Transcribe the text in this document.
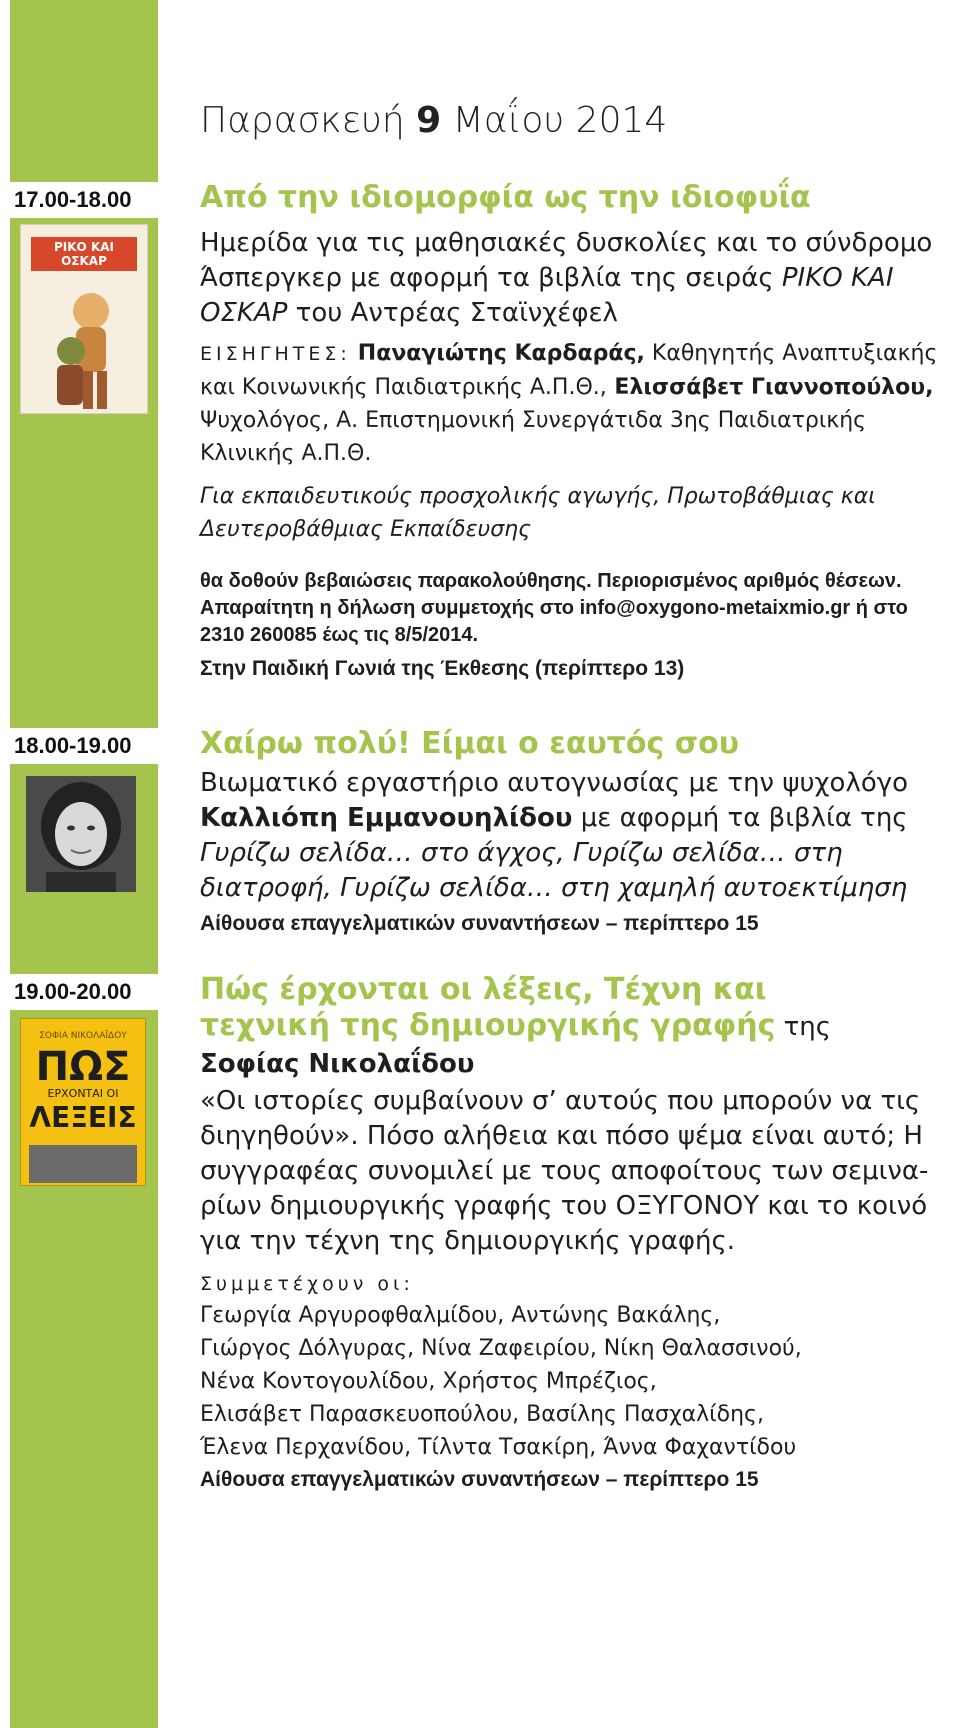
17.00-18.00
18.00-19.00
19.00-20.00
ΡΙΚΟ ΚΑΙ ΟΣΚΑΡ
ΣΟΦΙΑ ΝΙΚΟΛΑΪΔΟΥ
ΠΩΣ
ΕΡΧΟΝΤΑΙ ΟΙ
ΛΕΞΕΙΣ
Παρασκευή 9 Μαΐου 2014
Από την ιδιομορφία ως την ιδιοφυΐα
Ημερίδα για τις μαθησιακές δυσκολίες και το σύνδρομο Άσπεργκερ με αφορμή τα βιβλία της σειράς ΡΙΚΟ ΚΑΙ ΟΣΚΑΡ του Αντρέας Σταϊνχέφελ
ΕΙΣΗΓΗΤΕΣ: Παναγιώτης Καρδαράς, Καθηγητής Αναπτυξιακής και Κοινωνικής Παιδιατρικής Α.Π.Θ., Ελισσάβετ Γιαννοπούλου, Ψυχολόγος, Α. Επιστημονική Συνεργάτιδα 3ης Παιδιατρικής Κλινικής Α.Π.Θ.
Για εκπαιδευτικούς προσχολικής αγωγής, Πρωτοβάθμιας και Δευτεροβάθμιας Εκπαίδευσης
θα δοθούν βεβαιώσεις παρακολούθησης. Περιορισμένος αριθμός θέσεων. Απαραίτητη η δήλωση συμμετοχής στο info@oxygono-metaixmio.gr ή στο 2310 260085 έως τις 8/5/2014.
Στην Παιδική Γωνιά της Έκθεσης (περίπτερο 13)
Χαίρω πολύ! Είμαι ο εαυτός σου
Βιωματικό εργαστήριο αυτογνωσίας με την ψυχολόγο Καλλιόπη Εμμανουηλίδου με αφορμή τα βιβλία της Γυρίζω σελίδα… στο άγχος, Γυρίζω σελίδα… στη διατροφή, Γυρίζω σελίδα… στη χαμηλή αυτοεκτίμηση
Αίθουσα επαγγελματικών συναντήσεων – περίπτερο 15
Πώς έρχονται οι λέξεις, Τέχνη και τεχνική της δημιουργικής γραφής της Σοφίας Νικολαΐδου
«Οι ιστορίες συμβαίνουν σ’ αυτούς που μπορούν να τις διηγηθούν». Πόσο αλήθεια και πόσο ψέμα είναι αυτό; Η συγγραφέας συνομιλεί με τους αποφοίτους των σεμινα-ρίων δημιουργικής γραφής του ΟΞΥΓΟΝΟΥ και το κοινό για την τέχνη της δημιουργικής γραφής.
Συμμετέχουν οι:
Γεωργία Αργυροφθαλμίδου, Αντώνης Βακάλης,
Γιώργος Δόλγυρας, Νίνα Ζαφειρίου, Νίκη Θαλασσινού,
Νένα Κοντογουλίδου, Χρήστος Μπρέζιος,
Ελισάβετ Παρασκευοπούλου, Βασίλης Πασχαλίδης,
Έλενα Περχανίδου, Τίλντα Τσακίρη, Άννα Φαχαντίδου
Αίθουσα επαγγελματικών συναντήσεων – περίπτερο 15
